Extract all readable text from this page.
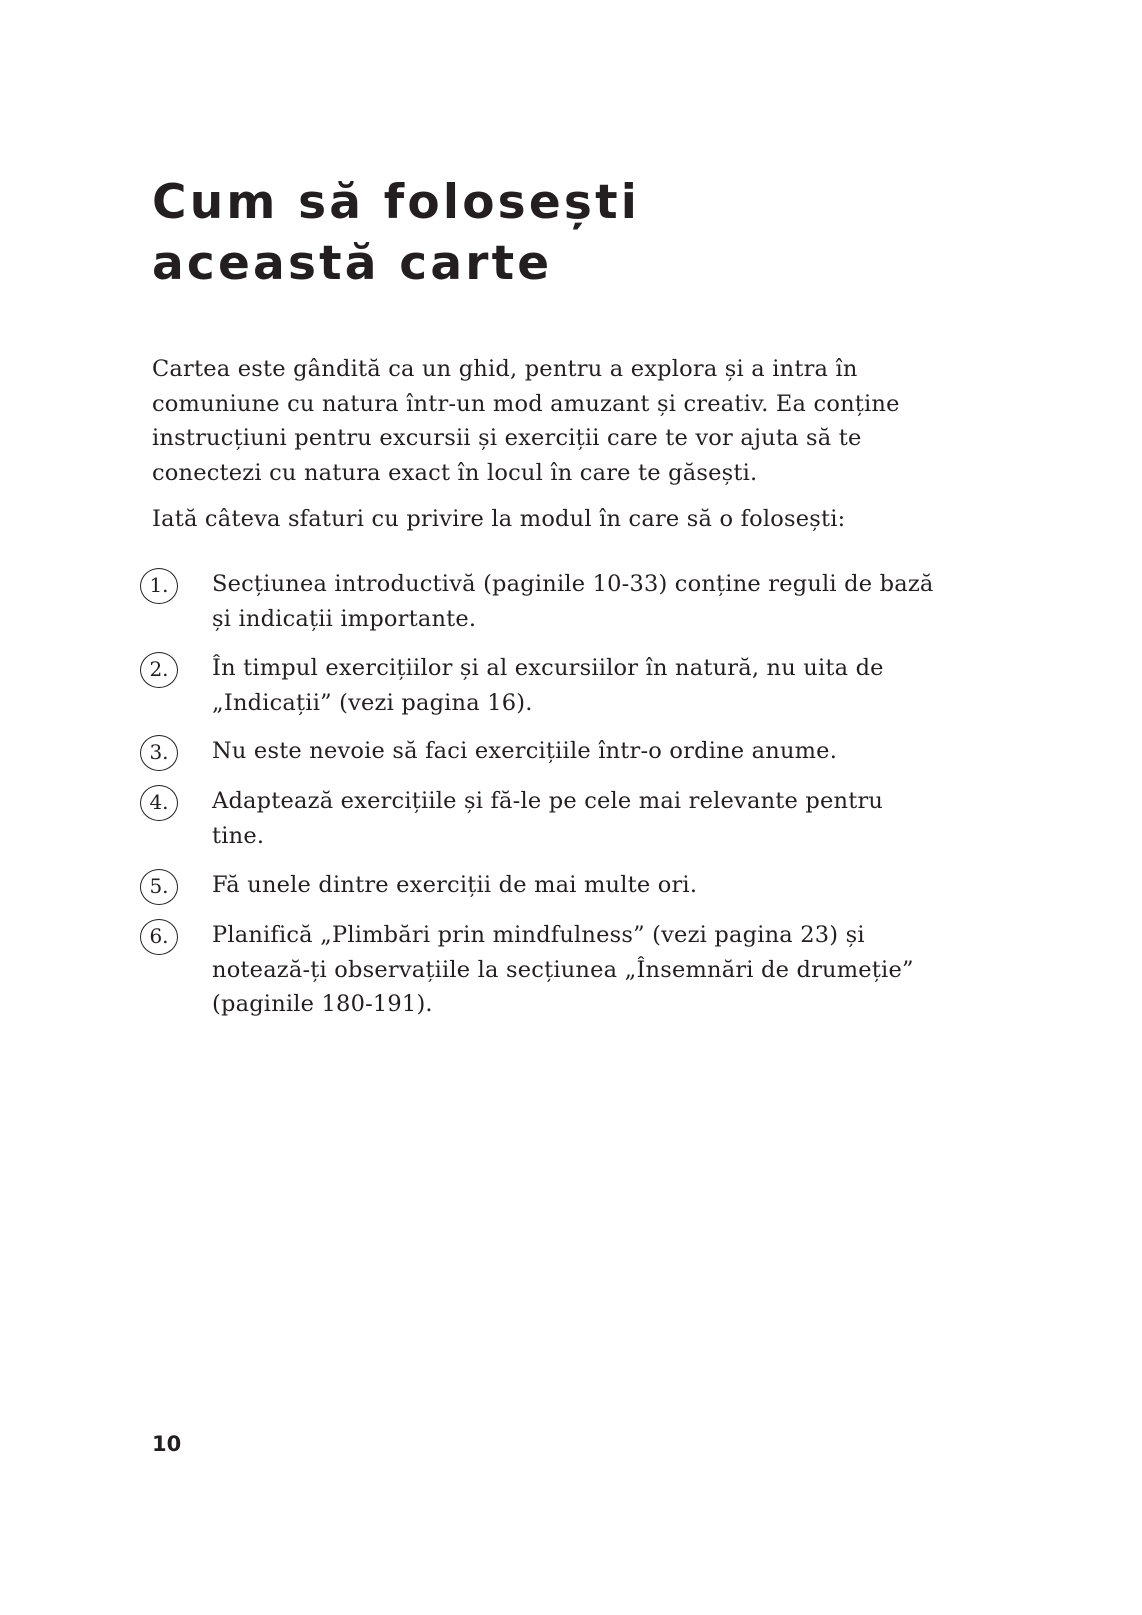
Cum să folosești
această carte
Cartea este gândită ca un ghid, pentru a explora și a intra în
comuniune cu natura într-un mod amuzant și creativ. Ea conține
instrucțiuni pentru excursii și exerciții care te vor ajuta să te
conectezi cu natura exact în locul în care te găsești.
Iată câteva sfaturi cu privire la modul în care să o folosești:
1.	Secțiunea introductivă (paginile 10-33) conține reguli de bază
și indicații importante.
2.	În timpul exercițiilor și al excursiilor în natură, nu uita de
„Indicații” (vezi pagina 16).
3.	Nu este nevoie să faci exercițiile într-o ordine anume.
4.	Adaptează exercițiile și fă-le pe cele mai relevante pentru
tine.
5.	Fă unele dintre exerciții de mai multe ori.
6.	Planifică „Plimbări prin mindfulness” (vezi pagina 23) și
notează-ți observațiile la secțiunea „Însemnări de drumeție”
(paginile 180-191).
10
